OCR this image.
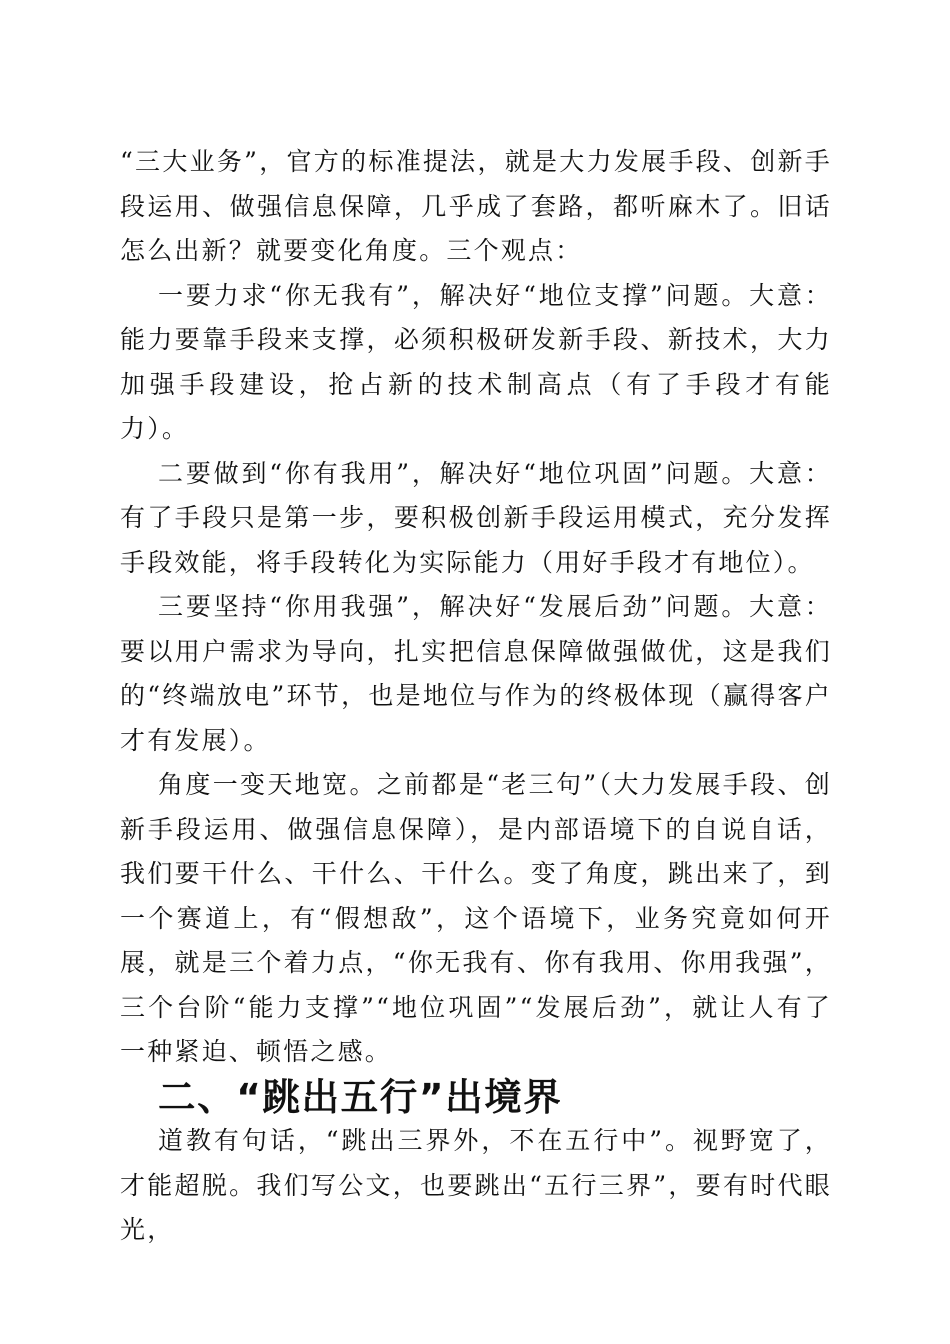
“三大业务”，官方的标准提法，就是大力发展手段、创新手段运用、做强信息保障，几乎成了套路，都听麻木了。旧话怎么出新？就要变化角度。三个观点：

一要力求“你无我有”，解决好“地位支撑”问题。大意：能力要靠手段来支撑，必须积极研发新手段、新技术，大力加强手段建设，抢占新的技术制高点（有了手段才有能力）。

二要做到“你有我用”，解决好“地位巩固”问题。大意：有了手段只是第一步，要积极创新手段运用模式，充分发挥手段效能，将手段转化为实际能力（用好手段才有地位）。

三要坚持“你用我强”，解决好“发展后劲”问题。大意：要以用户需求为导向，扎实把信息保障做强做优，这是我们的“终端放电”环节，也是地位与作为的终极体现（赢得客户才有发展）。

角度一变天地宽。之前都是“老三句”（大力发展手段、创新手段运用、做强信息保障），是内部语境下的自说自话，我们要干什么、干什么、干什么。变了角度，跳出来了，到一个赛道上，有“假想敌”，这个语境下，业务究竟如何开展，就是三个着力点，“你无我有、你有我用、你用我强”，三个台阶“能力支撑”“地位巩固”“发展后劲”，就让人有了一种紧迫、顿悟之感。

二、“跳出五行”出境界

道教有句话，“跳出三界外，不在五行中”。视野宽了，才能超脱。我们写公文，也要跳出“五行三界”，要有时代眼光，
